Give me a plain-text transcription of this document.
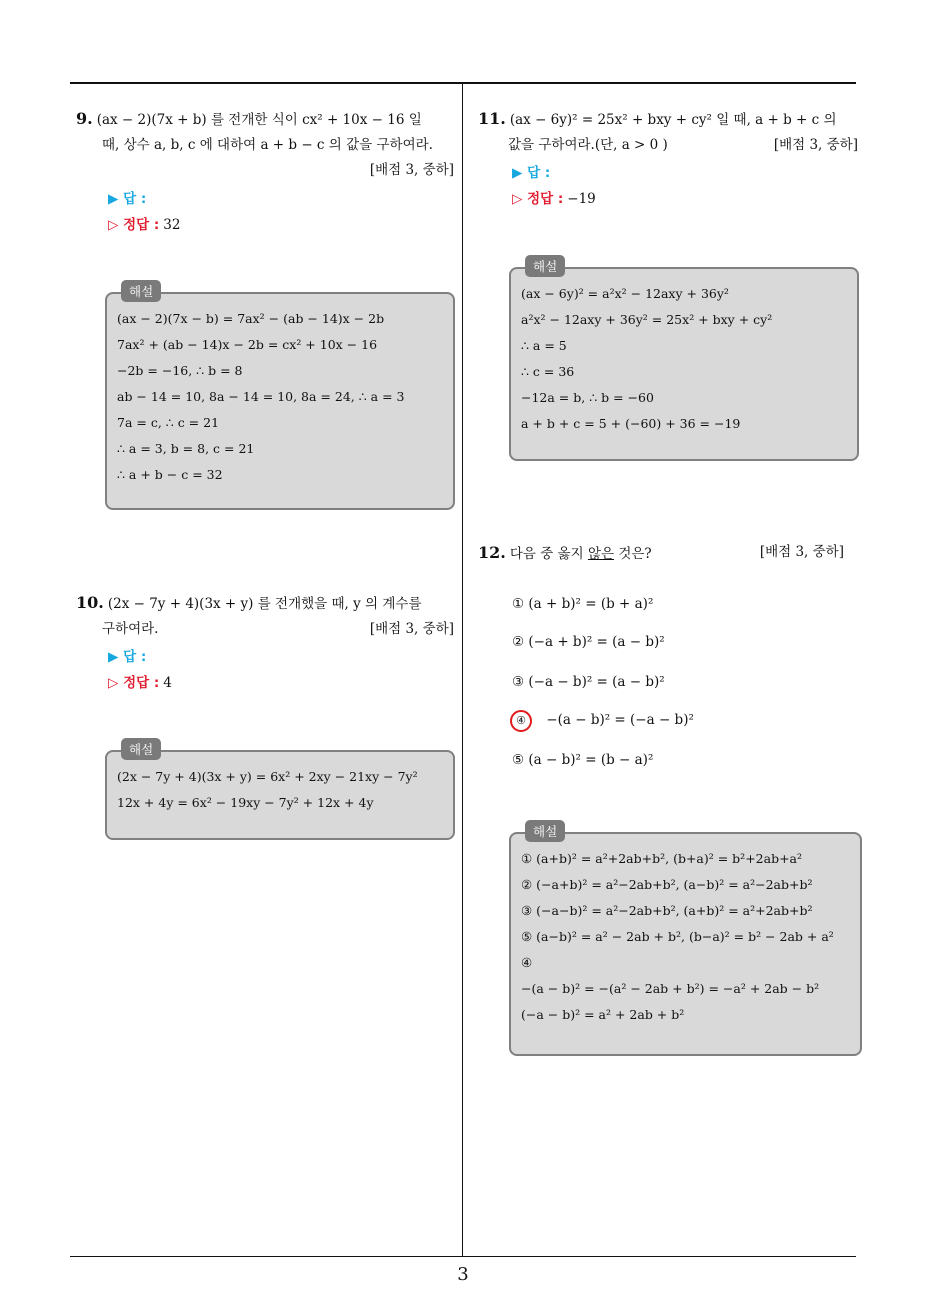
3
9. (ax − 2)(7x + b) 를 전개한 식이 cx² + 10x − 16 일
때, 상수 a, b, c 에 대하여 a + b − c 의 값을 구하여라.
[배점 3, 중하]
▶ 답 :
▷ 정답 : 32
해설
(ax − 2)(7x − b) = 7ax² − (ab − 14)x − 2b
7ax² + (ab − 14)x − 2b = cx² + 10x − 16
−2b = −16, ∴ b = 8
ab − 14 = 10, 8a − 14 = 10, 8a = 24, ∴ a = 3
7a = c, ∴ c = 21
∴ a = 3, b = 8, c = 21
∴ a + b − c = 32
10. (2x − 7y + 4)(3x + y) 를 전개했을 때, y 의 계수를
구하여라.	[배점 3, 중하]
▶ 답 :
▷ 정답 : 4
해설
(2x − 7y + 4)(3x + y) = 6x² + 2xy − 21xy − 7y²
12x + 4y = 6x² − 19xy − 7y² + 12x + 4y
11. (ax − 6y)² = 25x² + bxy + cy² 일 때, a + b + c 의
값을 구하여라.(단, a > 0 )	[배점 3, 중하]
▶ 답 :
▷ 정답 : −19
해설
(ax − 6y)² = a²x² − 12axy + 36y²
a²x² − 12axy + 36y² = 25x² + bxy + cy²
∴ a = 5
∴ c = 36
−12a = b, ∴ b = −60
a + b + c = 5 + (−60) + 36 = −19
12. 다음 중 옳지 않은 것은?	[배점 3, 중하]
① (a + b)² = (b + a)²
② (−a + b)² = (a − b)²
③ (−a − b)² = (a − b)²
④ −(a − b)² = (−a − b)²
⑤ (a − b)² = (b − a)²
해설
① (a+b)² = a²+2ab+b², (b+a)² = b²+2ab+a²
② (−a+b)² = a²−2ab+b², (a−b)² = a²−2ab+b²
③ (−a−b)² = a²−2ab+b², (a+b)² = a²+2ab+b²
⑤ (a−b)² = a² − 2ab + b², (b−a)² = b² − 2ab + a²
④
−(a − b)² = −(a² − 2ab + b²) = −a² + 2ab − b²
(−a − b)² = a² + 2ab + b²
